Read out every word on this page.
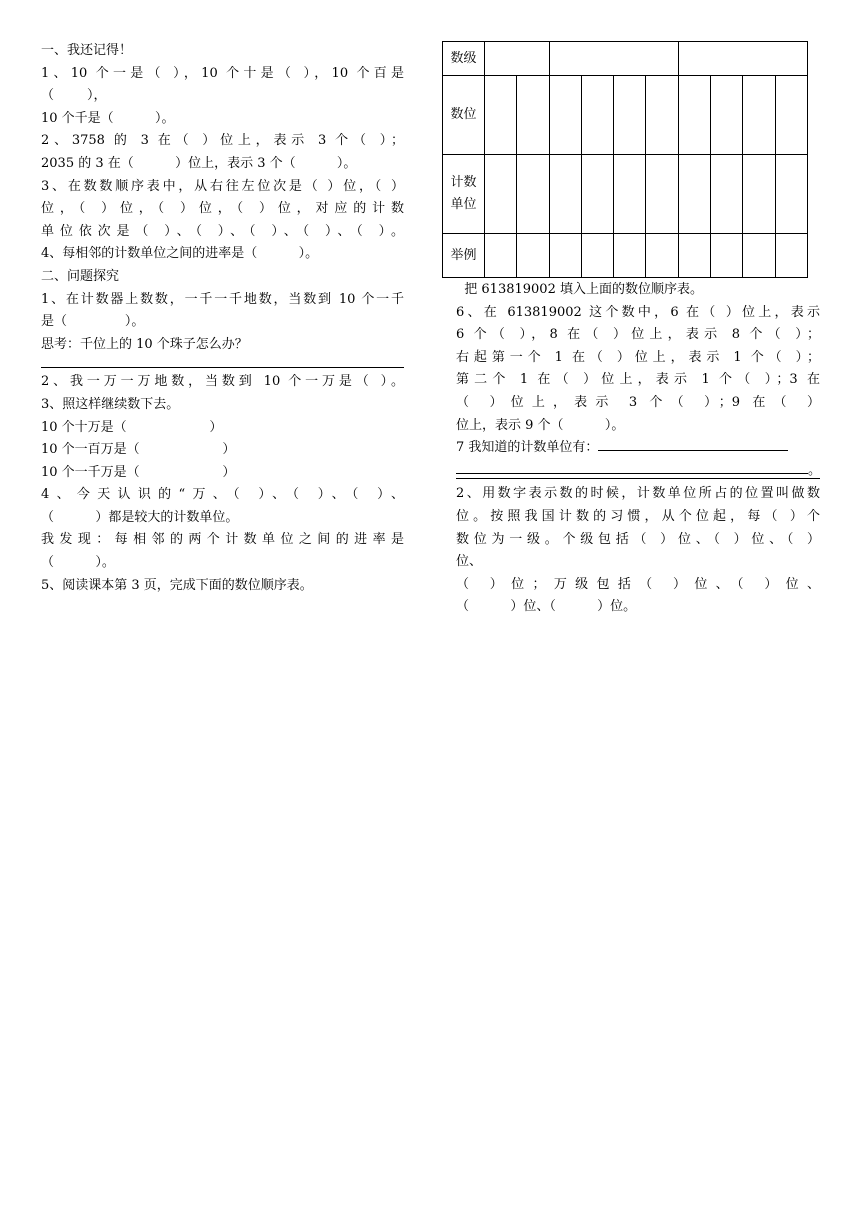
一、我还记得！
1、10 个一是（ ），10 个十是（ ），10 个百是
（        ），
10 个千是（          ）。
2、3758 的 3 在（ ）位上，表示 3 个（ ）；
2035 的 3 在（          ）位上，表示 3 个（          ）。
3、在数数顺序表中，从右往左位次是（ ）位，（ ）
位，（ ）位，（ ）位，（ ）位，对应的计数
单位依次是（ ）、（ ）、（ ）、（ ）、（ ）。
4、每相邻的计数单位之间的进率是（          ）。
二、问题探究
1、在计数器上数数，一千一千地数，当数到 10 个一千
是（              ）。
思考：千位上的 10 个珠子怎么办？
2、我一万一万地数，当数到 10 个一万是（ ）。
3、照这样继续数下去。
10 个十万是（                    ）
10 个一百万是（                    ）
10 个一千万是（                    ）
4、今天认识的“万、（ ）、（ ）、（ ）、
（          ）都是较大的计数单位。
我发现：每相邻的两个计数单位之间的进率是
（          ）。
5、阅读课本第 3 页，完成下面的数位顺序表。
数级										
数位										
计数单位										
举例										
把 613819002 填入上面的数位顺序表。
6、在 613819002 这个数中，6 在（ ）位上，表示
6 个（ ），8 在（ ）位上，表示 8 个（ ）；
右起第一个 1 在（ ）位上，表示 1 个（ ）；
第二个 1 在（ ）位上，表示 1 个（ ）；3 在
（ ）位上，表示 3 个（ ）；9 在（ ）
位上，表示 9 个（          ）。
7 我知道的计数单位有：
。
2、用数字表示数的时候，计数单位所占的位置叫做数
位。按照我国计数的习惯，从个位起，每（ ）个
数位为一级。个级包括（ ）位、（ ）位、（ ）
位、
（ ）位；万级包括（ ）位、（ ）位、
（          ）位、（          ）位。
